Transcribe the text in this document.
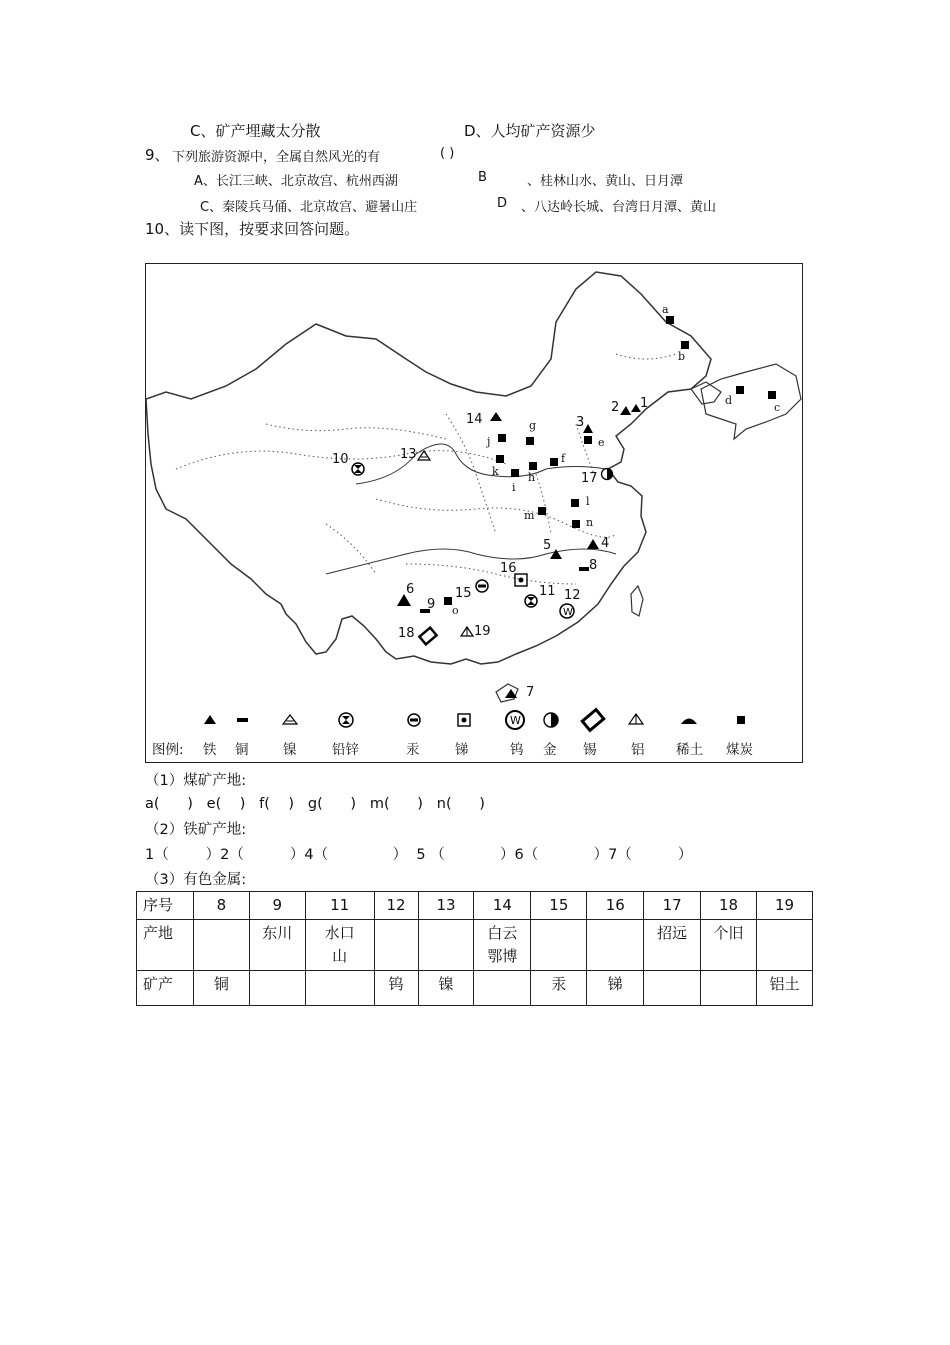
C、矿产埋藏太分散	D、人均矿产资源少
9、 下列旅游资源中，全属自然风光的有	( )
A、长江三峡、北京故宫、杭州西湖	B	、桂林山水、黄山、日月潭
C、秦陵兵马俑、北京故宫、避暑山庄	D 、八达岭长城、台湾日月潭、黄山
10、读下图，按要求回答问题。
W
W
a
b
d
c
g
j	e
k	h
f
i
l
m
n
o
1
2
3
14
10	13
17
5	4
8
16
15	11 12
6
9
18	19
7
图例: 铁 铜	镍	铅锌	汞	锑	钨 金 锡	铝 稀土 煤炭
（1）煤矿产地:
a(      )   e(    )   f(    )   g(      )   m(      )   n(      )
（2）铁矿产地:
1（        ）2（          ）4（              ）  5 （            ）6（            ）7（          ）
（3）有色金属:
序号	8	9	11	12	13	14	15	16	17	18	19
产地		东川	水口山			白云鄂博			招远	个旧	
矿产	铜			钨	镍		汞	锑			铝土
